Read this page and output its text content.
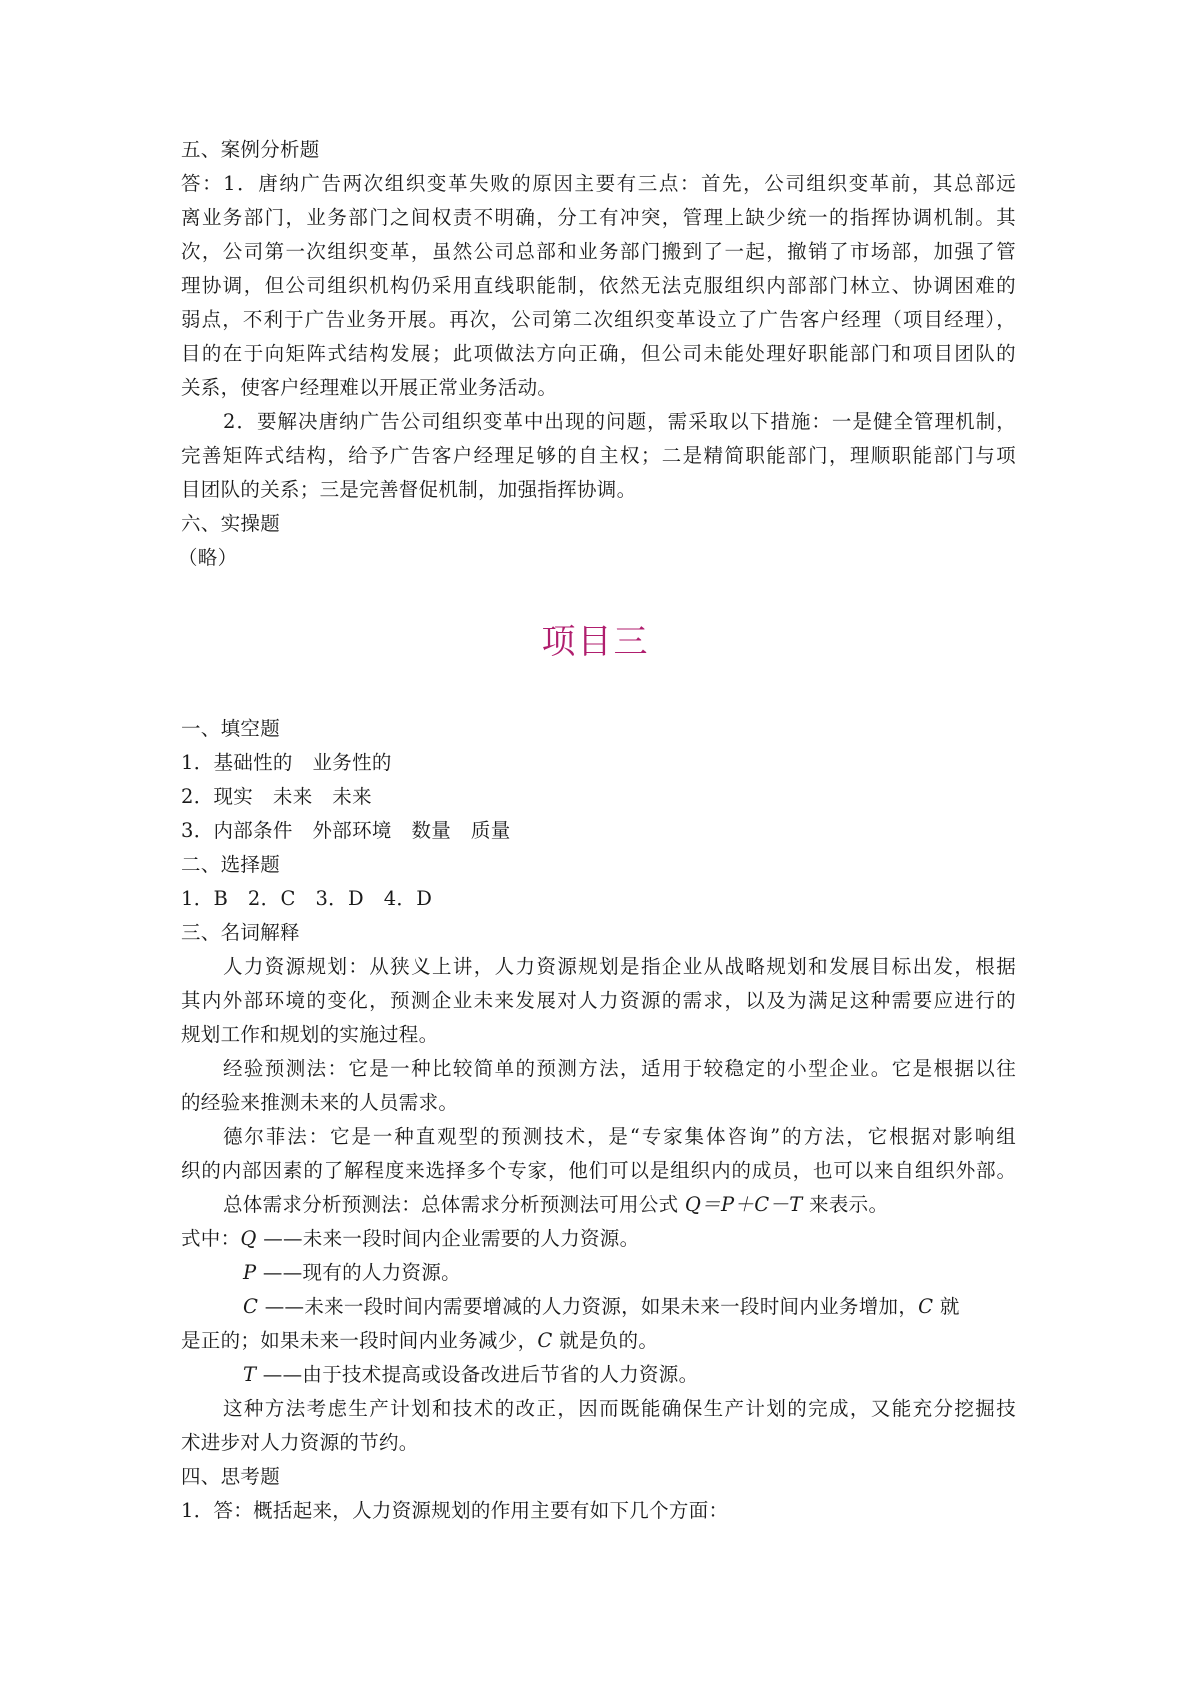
五、案例分析题
答：1．唐纳广告两次组织变革失败的原因主要有三点：首先，公司组织变革前，其总部远
离业务部门，业务部门之间权责不明确，分工有冲突，管理上缺少统一的指挥协调机制。其
次，公司第一次组织变革，虽然公司总部和业务部门搬到了一起，撤销了市场部，加强了管
理协调，但公司组织机构仍采用直线职能制，依然无法克服组织内部部门林立、协调困难的
弱点，不利于广告业务开展。再次，公司第二次组织变革设立了广告客户经理（项目经理），
目的在于向矩阵式结构发展；此项做法方向正确，但公司未能处理好职能部门和项目团队的
关系，使客户经理难以开展正常业务活动。
2．要解决唐纳广告公司组织变革中出现的问题，需采取以下措施：一是健全管理机制，
完善矩阵式结构，给予广告客户经理足够的自主权；二是精简职能部门，理顺职能部门与项
目团队的关系；三是完善督促机制，加强指挥协调。
六、实操题
（略）
项目三
一、填空题
1．基础性的　业务性的
2．现实　未来　未来
3．内部条件　外部环境　数量　质量
二、选择题
1．B　2．C　3．D　4．D
三、名词解释
人力资源规划：从狭义上讲，人力资源规划是指企业从战略规划和发展目标出发，根据
其内外部环境的变化，预测企业未来发展对人力资源的需求，以及为满足这种需要应进行的
规划工作和规划的实施过程。
经验预测法：它是一种比较简单的预测方法，适用于较稳定的小型企业。它是根据以往
的经验来推测未来的人员需求。
德尔菲法：它是一种直观型的预测技术，是“专家集体咨询”的方法，它根据对影响组
织的内部因素的了解程度来选择多个专家，他们可以是组织内的成员，也可以来自组织外部。
总体需求分析预测法：总体需求分析预测法可用公式 Q＝P＋C－T 来表示。
式中：Q ——未来一段时间内企业需要的人力资源。
P ——现有的人力资源。
C ——未来一段时间内需要增减的人力资源，如果未来一段时间内业务增加，C 就
是正的；如果未来一段时间内业务减少，C 就是负的。
T ——由于技术提高或设备改进后节省的人力资源。
这种方法考虑生产计划和技术的改正，因而既能确保生产计划的完成，又能充分挖掘技
术进步对人力资源的节约。
四、思考题
1．答：概括起来，人力资源规划的作用主要有如下几个方面：
